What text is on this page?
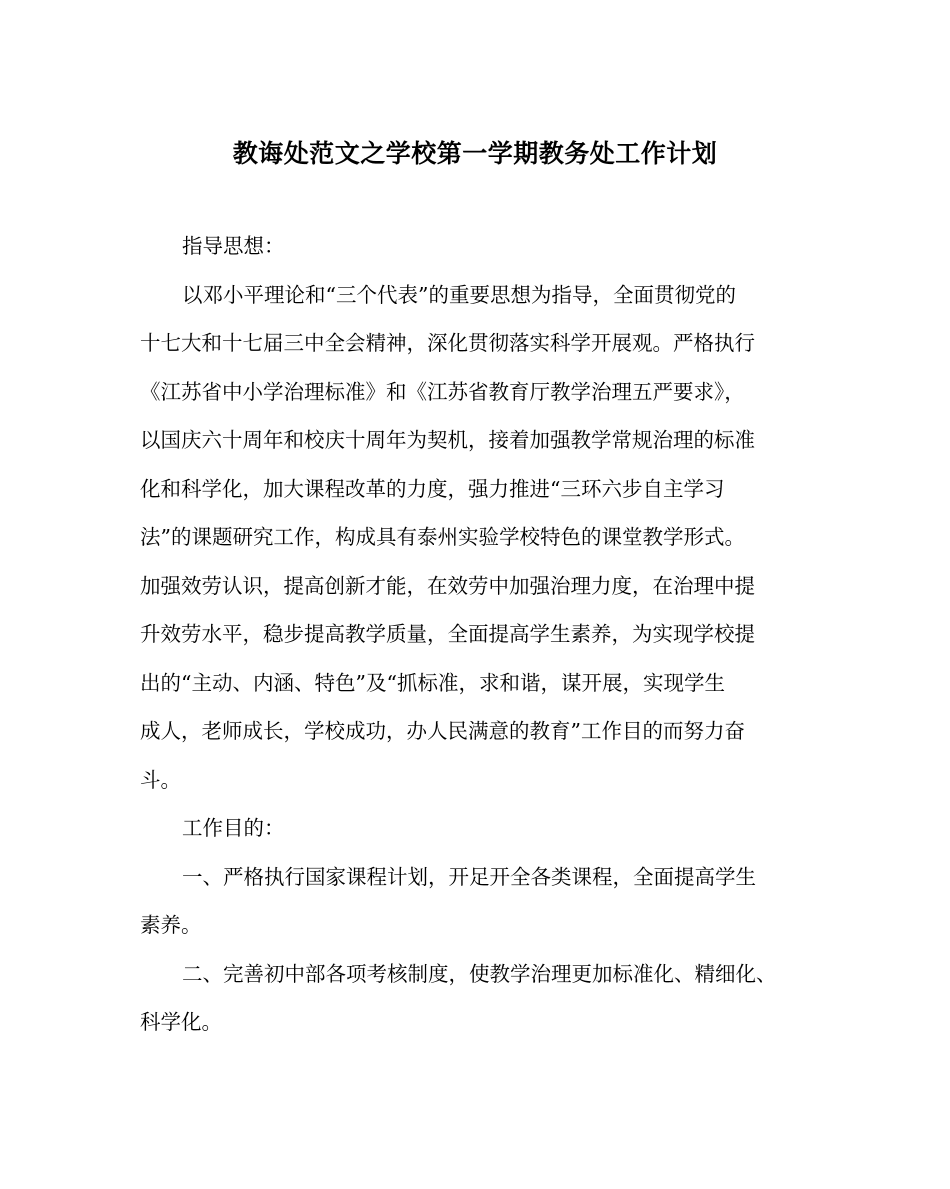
教诲处范文之学校第一学期教务处工作计划
指导思想：
以邓小平理论和“三个代表”的重要思想为指导，全面贯彻党的
十七大和十七届三中全会精神，深化贯彻落实科学开展观。严格执行
《江苏省中小学治理标准》和《江苏省教育厅教学治理五严要求》，
以国庆六十周年和校庆十周年为契机，接着加强教学常规治理的标准
化和科学化，加大课程改革的力度，强力推进“三环六步自主学习
法”的课题研究工作，构成具有泰州实验学校特色的课堂教学形式。
加强效劳认识，提高创新才能，在效劳中加强治理力度，在治理中提
升效劳水平，稳步提高教学质量，全面提高学生素养，为实现学校提
出的“主动、内涵、特色”及“抓标准，求和谐，谋开展，实现学生
成人，老师成长，学校成功，办人民满意的教育”工作目的而努力奋
斗。
工作目的：
一、严格执行国家课程计划，开足开全各类课程，全面提高学生
素养。
二、完善初中部各项考核制度，使教学治理更加标准化、精细化、
科学化。
